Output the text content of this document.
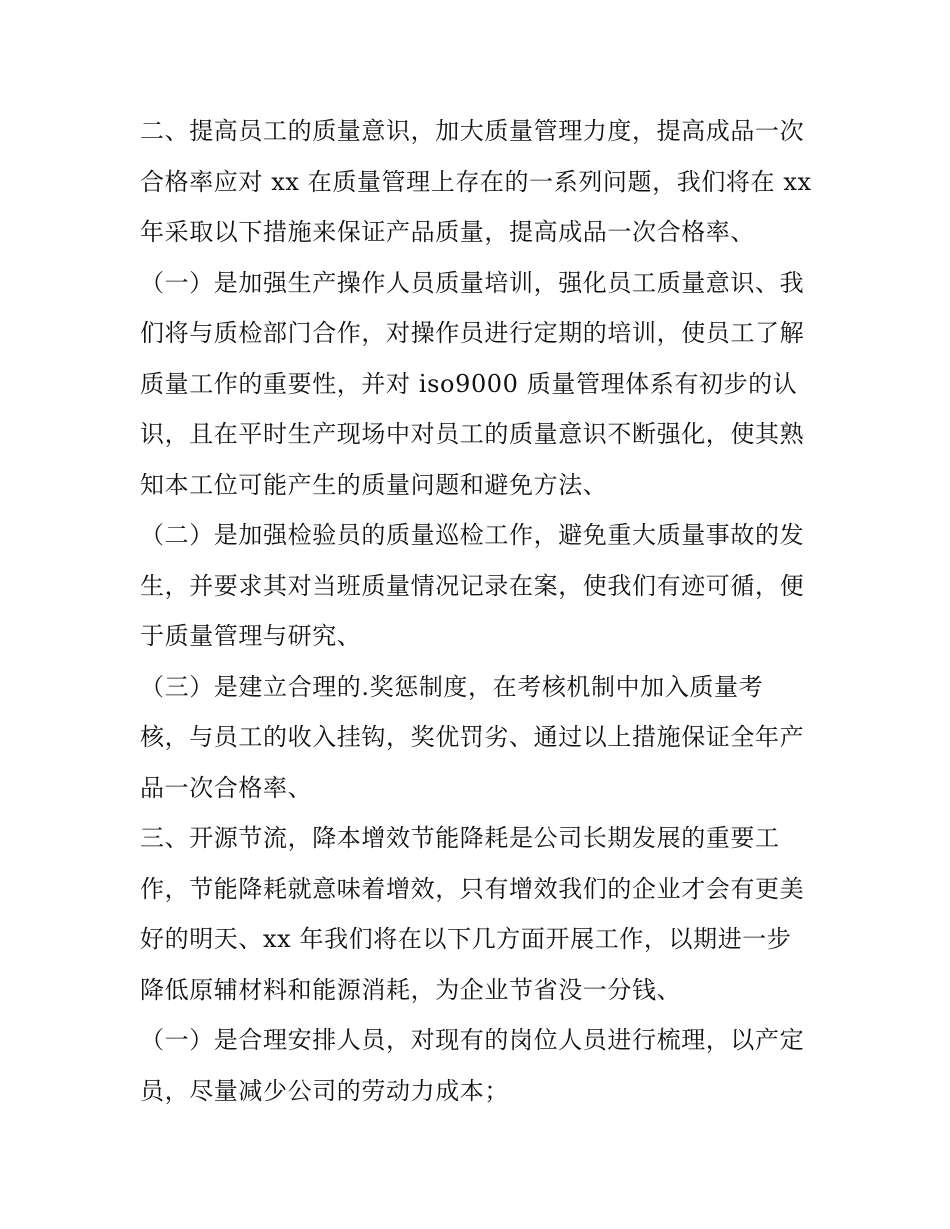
二、提高员工的质量意识，加大质量管理力度，提高成品一次
合格率应对 xx 在质量管理上存在的一系列问题，我们将在 xx
年采取以下措施来保证产品质量，提高成品一次合格率、
（一）是加强生产操作人员质量培训，强化员工质量意识、我
们将与质检部门合作，对操作员进行定期的培训，使员工了解
质量工作的重要性，并对 iso9000 质量管理体系有初步的认
识，且在平时生产现场中对员工的质量意识不断强化，使其熟
知本工位可能产生的质量问题和避免方法、
（二）是加强检验员的质量巡检工作，避免重大质量事故的发
生，并要求其对当班质量情况记录在案，使我们有迹可循，便
于质量管理与研究、
（三）是建立合理的.奖惩制度，在考核机制中加入质量考
核，与员工的收入挂钩，奖优罚劣、通过以上措施保证全年产
品一次合格率、
三、开源节流，降本增效节能降耗是公司长期发展的重要工
作，节能降耗就意味着增效，只有增效我们的企业才会有更美
好的明天、xx 年我们将在以下几方面开展工作，以期进一步
降低原辅材料和能源消耗，为企业节省没一分钱、
（一）是合理安排人员，对现有的岗位人员进行梳理，以产定
员，尽量减少公司的劳动力成本；
